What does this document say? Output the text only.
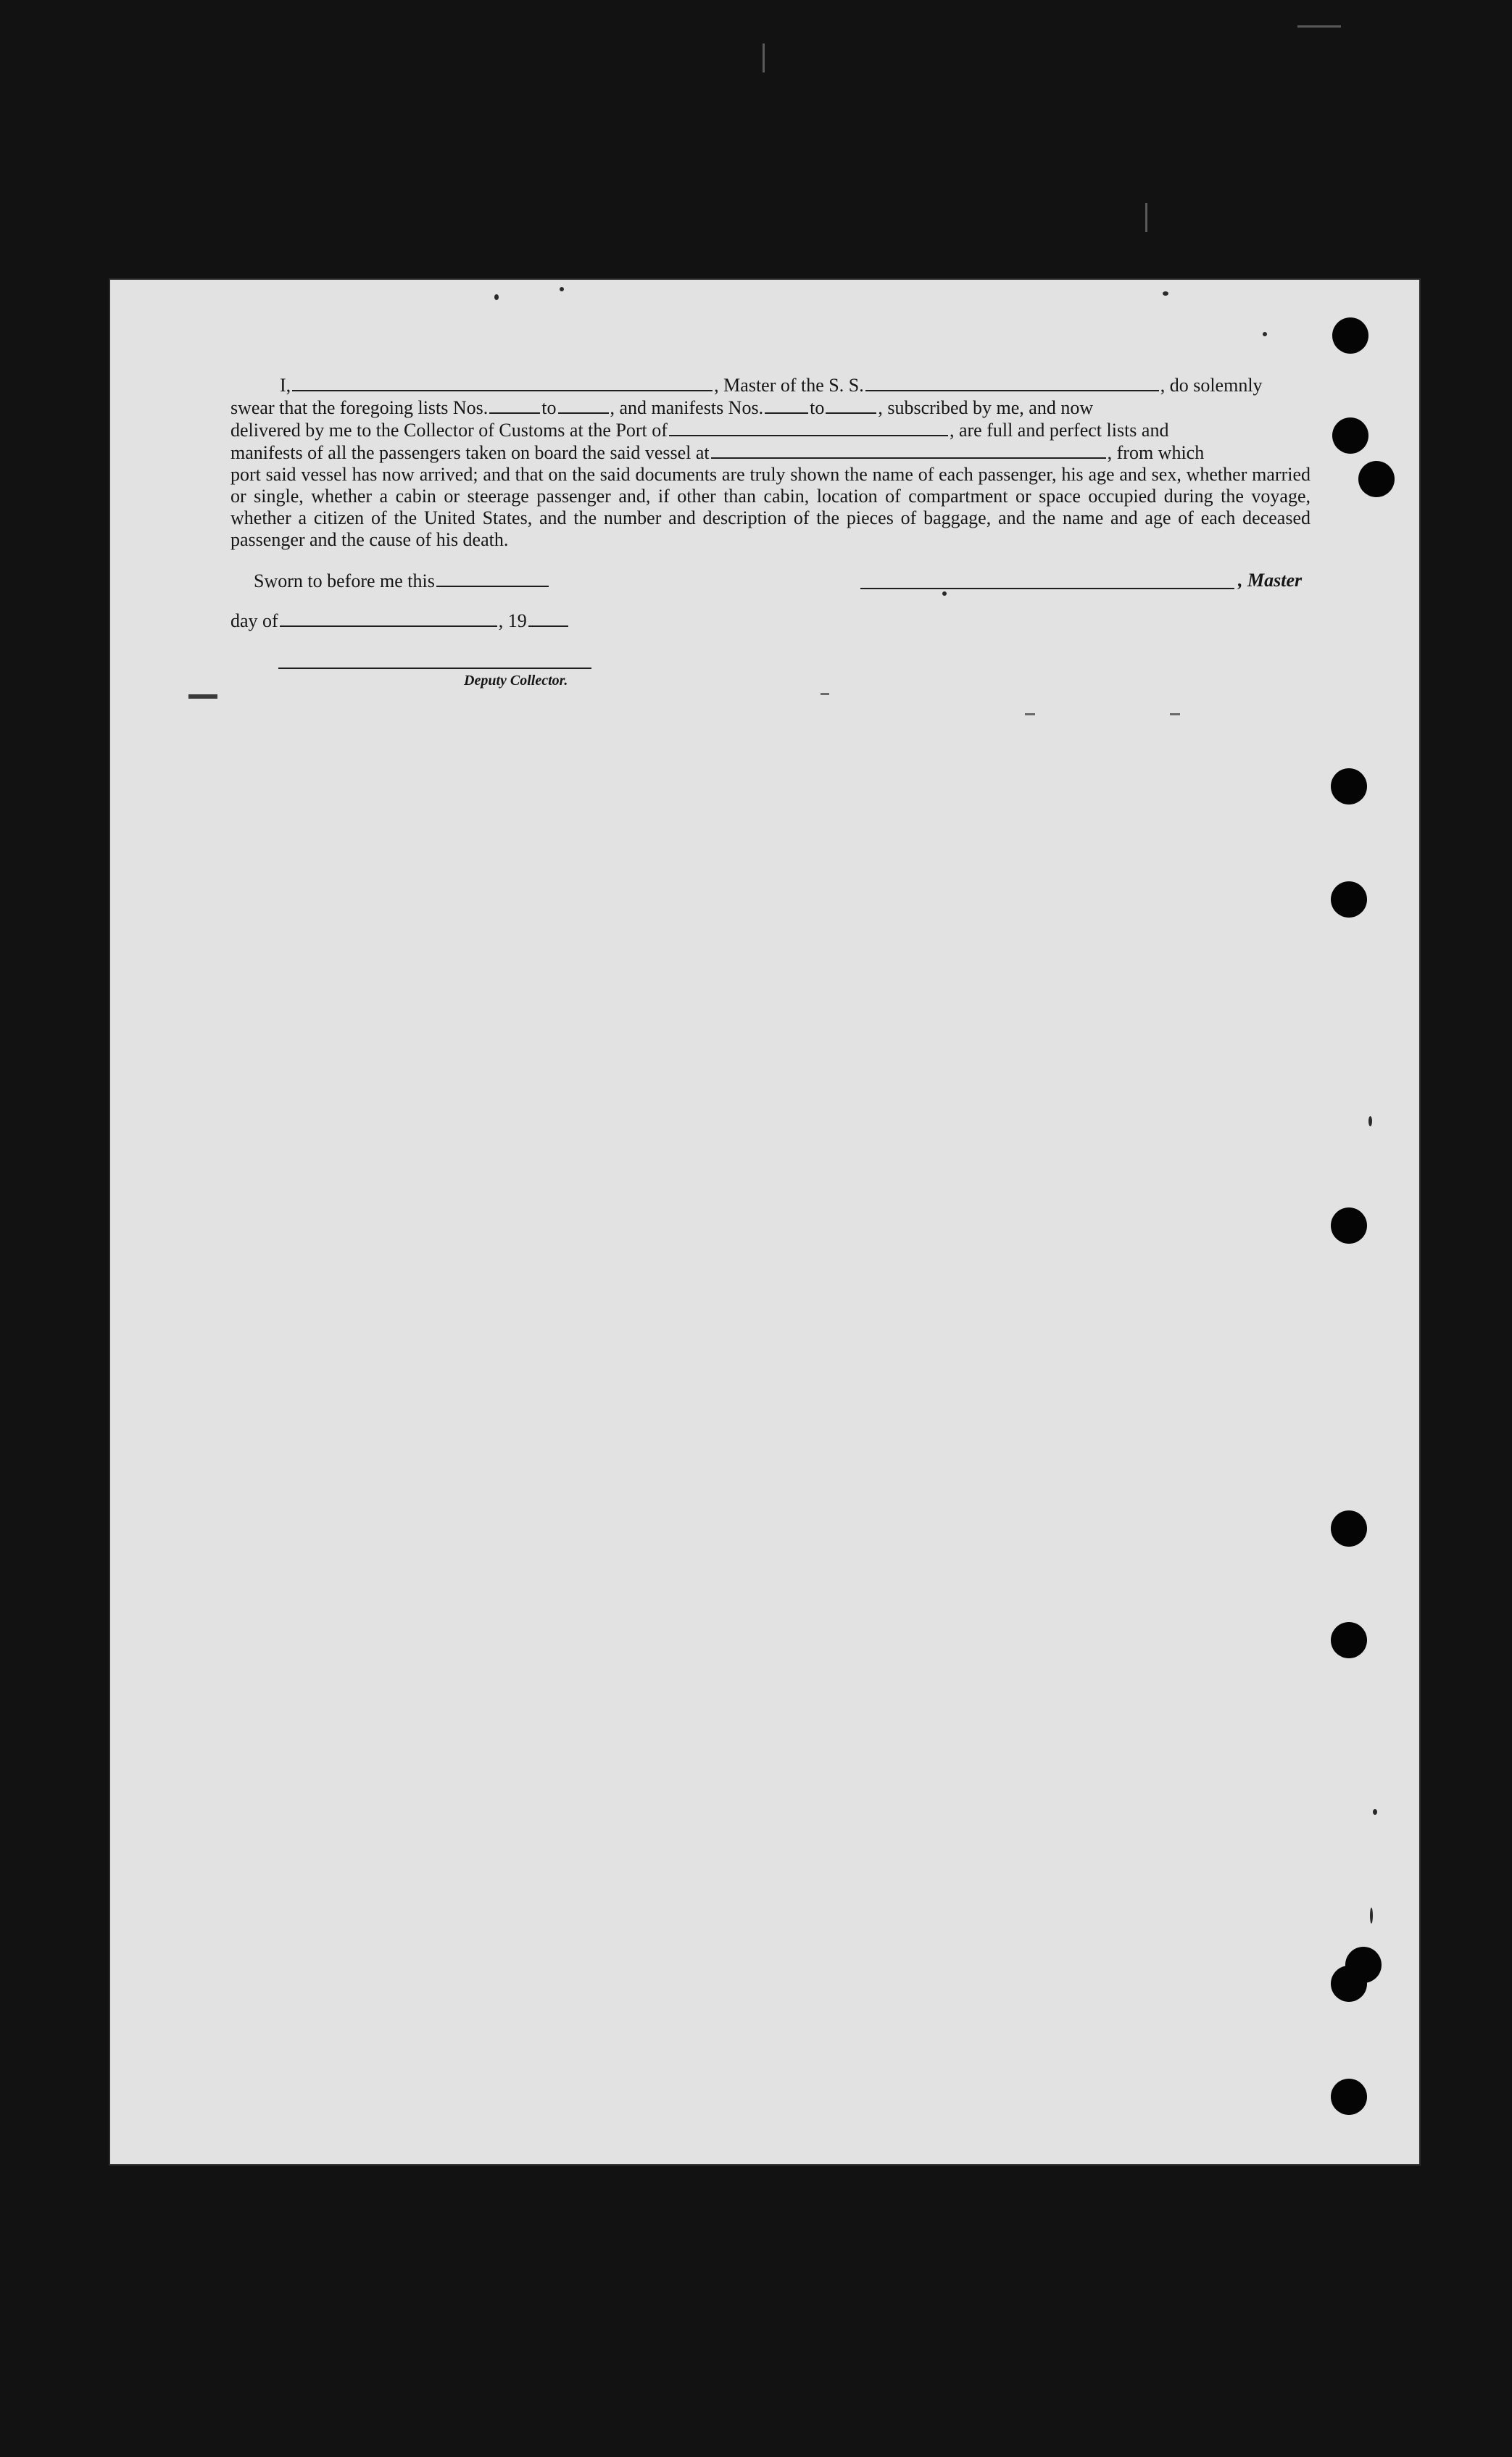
I,	, Master of the S. S.	, do solemnly

swear that the foregoing lists Nos.	to	, and manifests Nos. to	, subscribed by me, and now

delivered by me to the Collector of Customs at the Port of	, are full and perfect lists and

manifests of all the passengers taken on board the said vessel at	, from which

port said vessel has now arrived; and that on the said documents are truly shown the name of each passenger, his age and sex, whether married or single, whether a cabin or steerage passenger and, if other than cabin, location of compartment or space occupied during the voyage, whether a citizen of the United States, and the number and description of the pieces of baggage, and the name and age of each deceased passenger and the cause of his death.

Sworn to before me this	, Master
day of	, 19
Deputy Collector.
